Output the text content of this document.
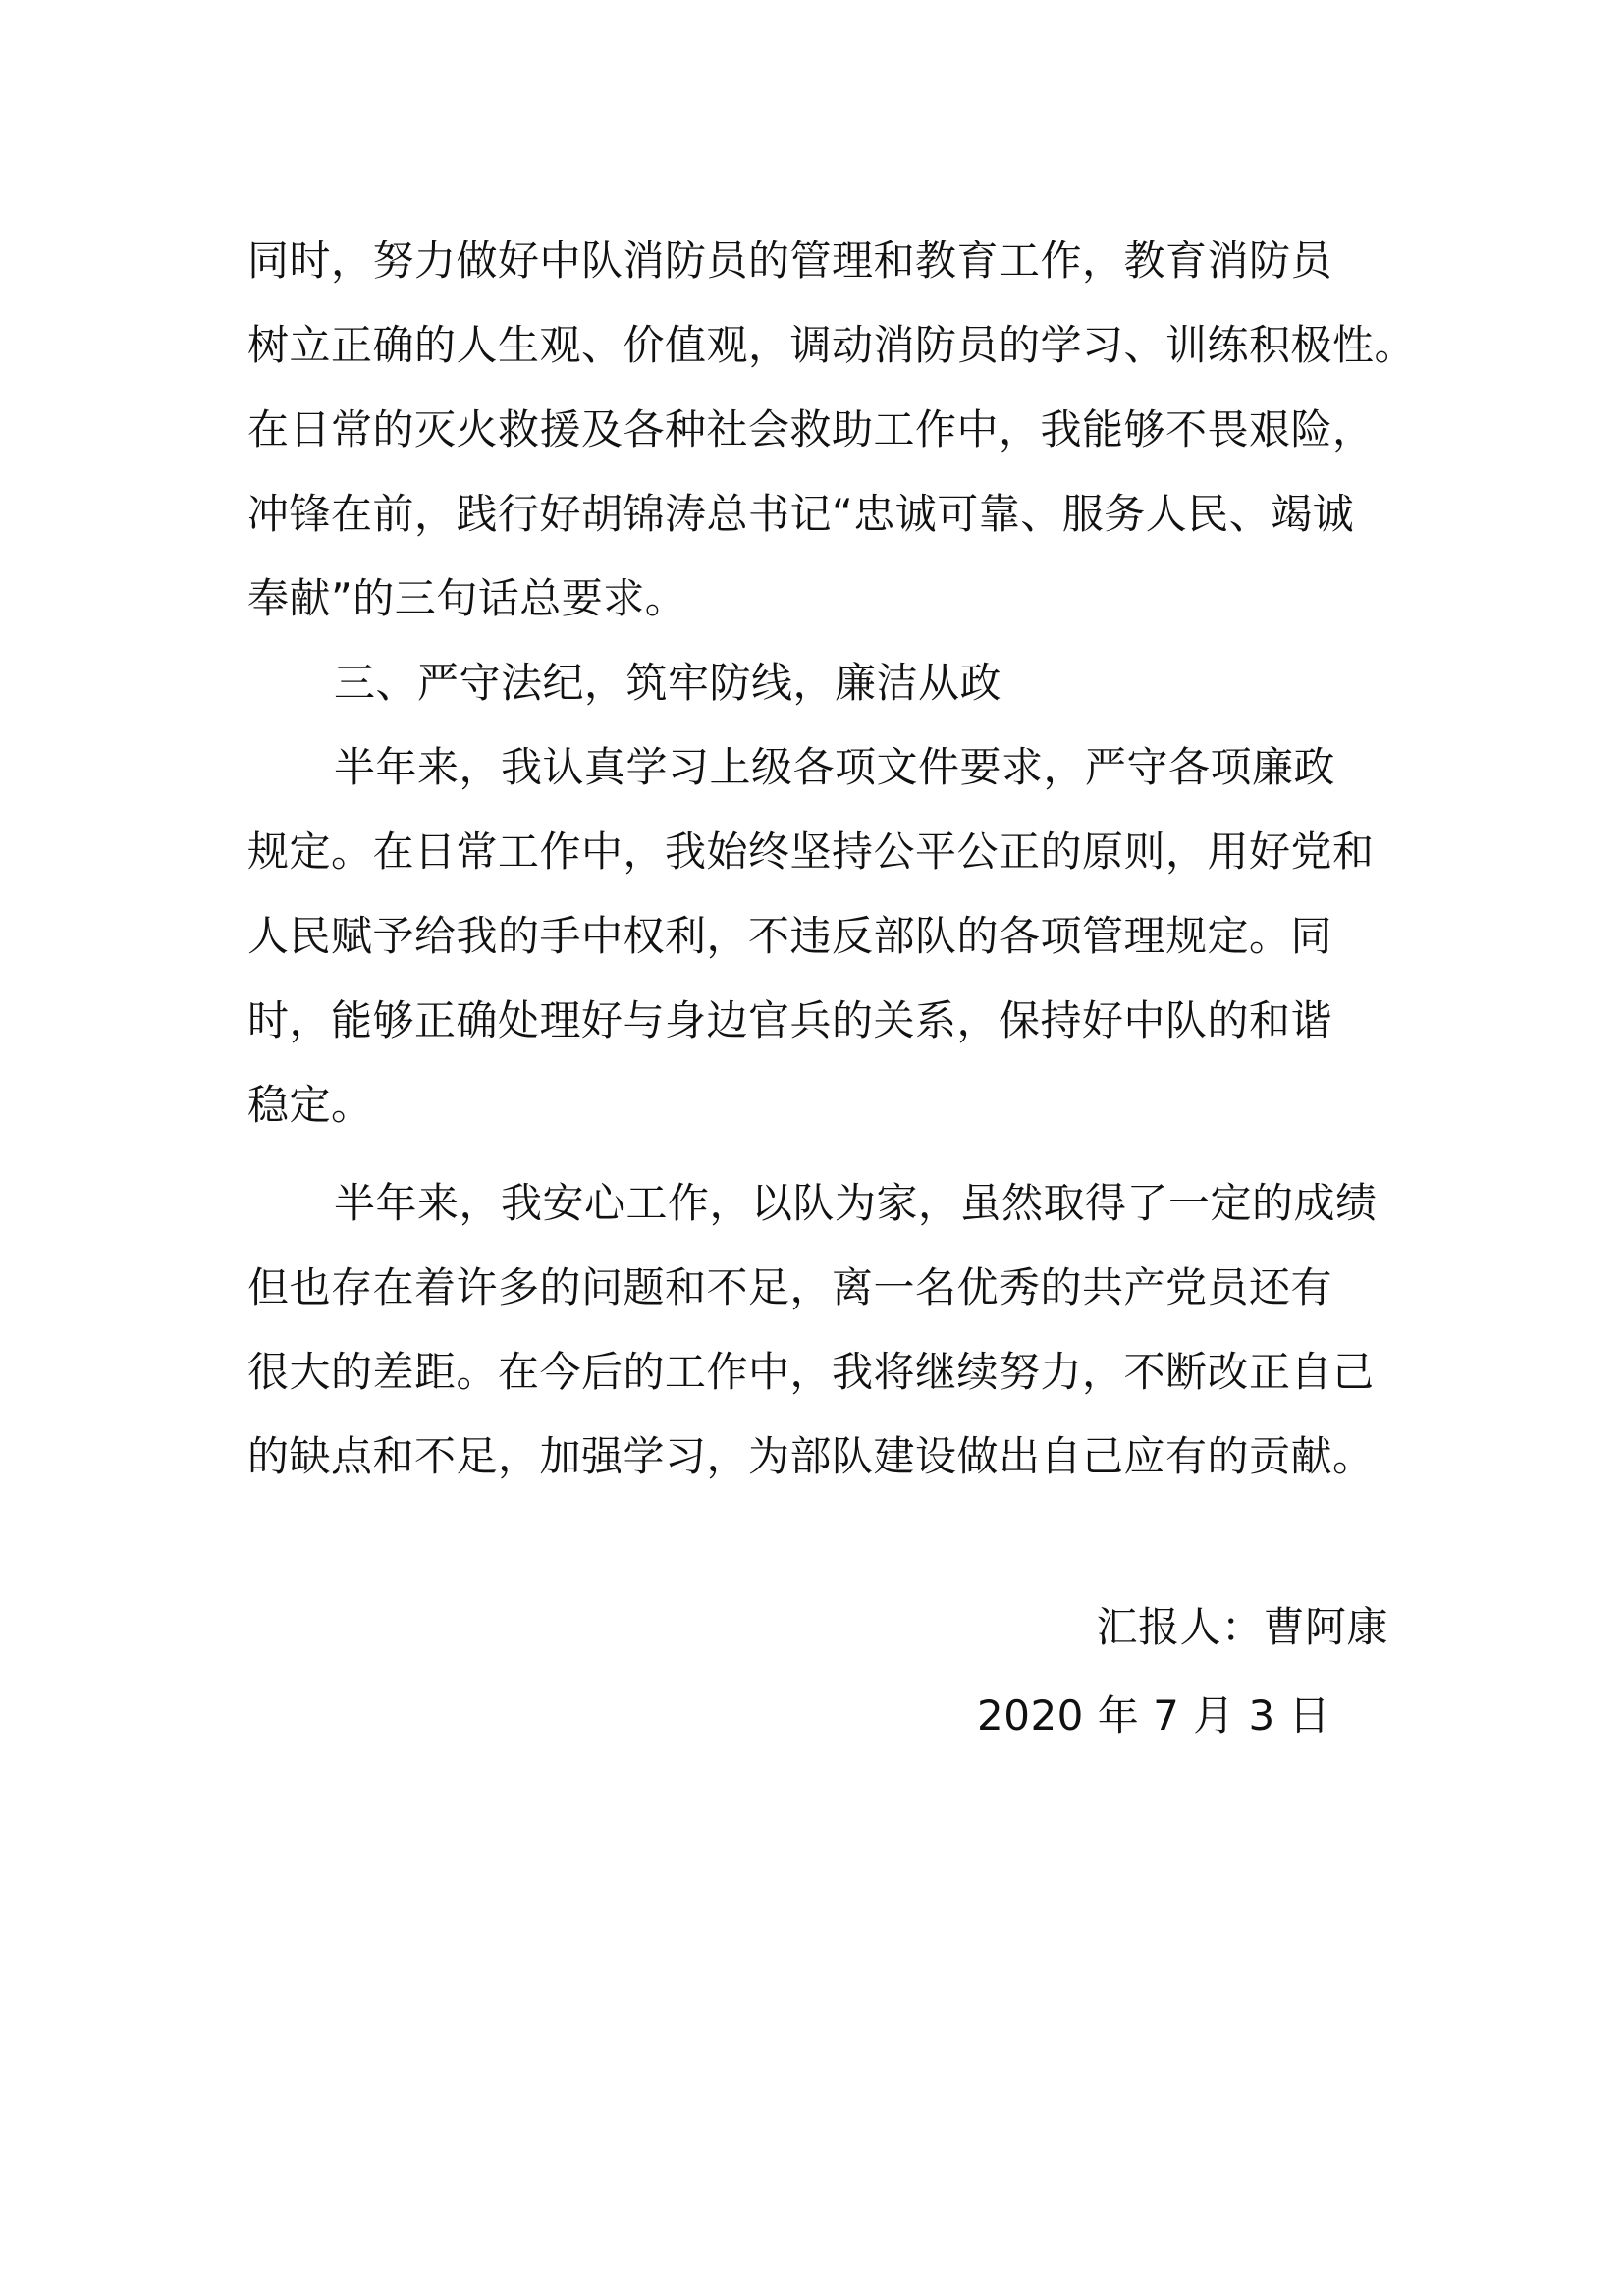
同时，努力做好中队消防员的管理和教育工作，教育消防员
树立正确的人生观、价值观，调动消防员的学习、训练积极性。
在日常的灭火救援及各种社会救助工作中，我能够不畏艰险，
冲锋在前，践行好胡锦涛总书记“忠诚可靠、服务人民、竭诚
奉献”的三句话总要求。
三、严守法纪，筑牢防线，廉洁从政
半年来，我认真学习上级各项文件要求，严守各项廉政
规定。在日常工作中，我始终坚持公平公正的原则，用好党和
人民赋予给我的手中权利，不违反部队的各项管理规定。同
时，能够正确处理好与身边官兵的关系，保持好中队的和谐
稳定。
半年来，我安心工作，以队为家，虽然取得了一定的成绩
但也存在着许多的问题和不足，离一名优秀的共产党员还有
很大的差距。在今后的工作中，我将继续努力，不断改正自己
的缺点和不足，加强学习，为部队建设做出自己应有的贡献。
汇报人：曹阿康
2020 年 7 月 3 日
